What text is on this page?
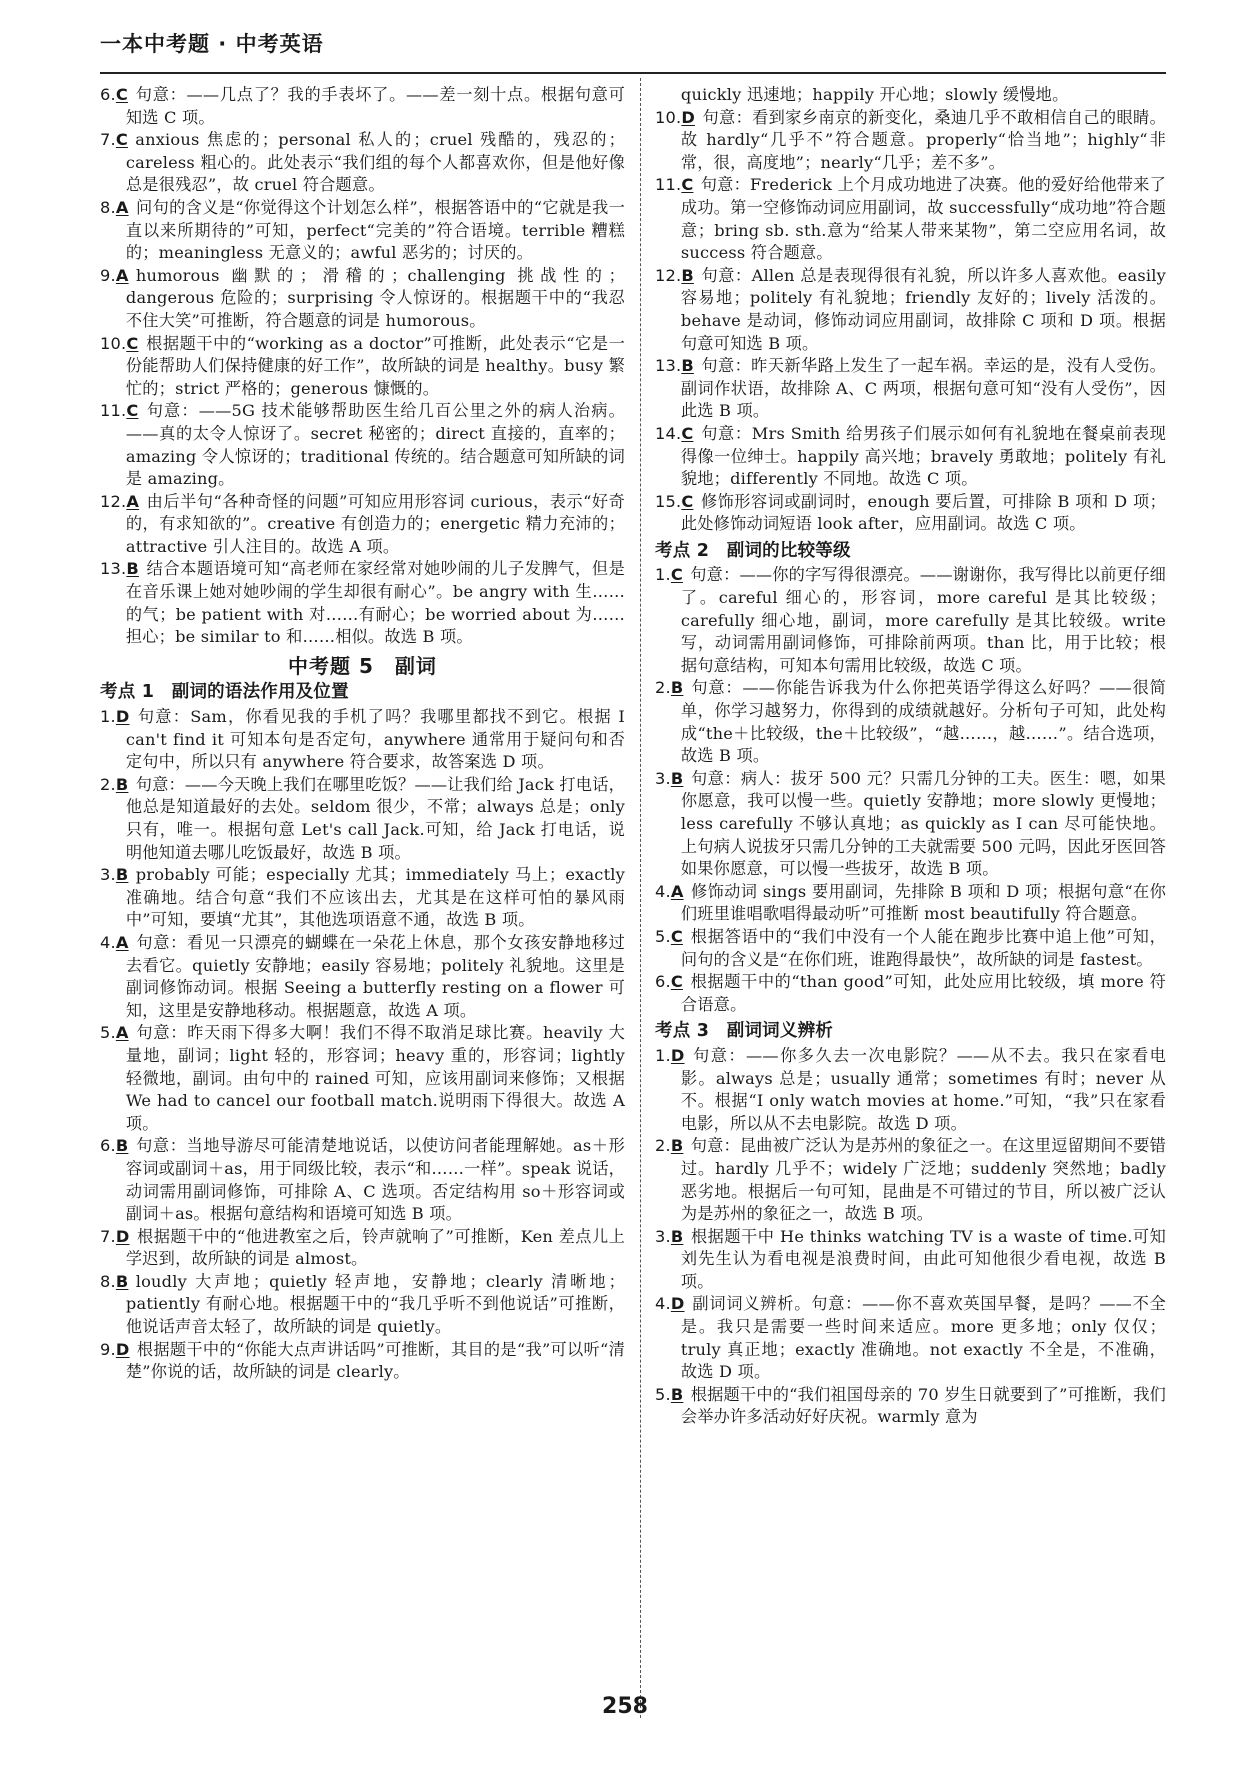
一本中考题 · 中考英语

6.C 句意：——几点了？我的手表坏了。——差一刻十点。根据句意可知选 C 项。

7.C anxious 焦虑的；personal 私人的；cruel 残酷的，残忍的；careless 粗心的。此处表示“我们组的每个人都喜欢你，但是他好像总是很残忍”，故 cruel 符合题意。

8.A 问句的含义是“你觉得这个计划怎么样”，根据答语中的“它就是我一直以来所期待的”可知，perfect“完美的”符合语境。terrible 糟糕的；meaningless 无意义的；awful 恶劣的；讨厌的。

9.A humorous 幽默的；滑稽的；challenging 挑战性的；dangerous 危险的；surprising 令人惊讶的。根据题干中的“我忍不住大笑”可推断，符合题意的词是 humorous。

10.C 根据题干中的“working as a doctor”可推断，此处表示“它是一份能帮助人们保持健康的好工作”，故所缺的词是 healthy。busy 繁忙的；strict 严格的；generous 慷慨的。

11.C 句意：——5G 技术能够帮助医生给几百公里之外的病人治病。——真的太令人惊讶了。secret 秘密的；direct 直接的，直率的；amazing 令人惊讶的；traditional 传统的。结合题意可知所缺的词是 amazing。

12.A 由后半句“各种奇怪的问题”可知应用形容词 curious，表示“好奇的，有求知欲的”。creative 有创造力的；energetic 精力充沛的；attractive 引人注目的。故选 A 项。

13.B 结合本题语境可知“高老师在家经常对她吵闹的儿子发脾气，但是在音乐课上她对她吵闹的学生却很有耐心”。be angry with 生……的气；be patient with 对……有耐心；be worried about 为……担心；be similar to 和……相似。故选 B 项。

中考题 5　副词
考点 1　副词的语法作用及位置

1.D 句意：Sam，你看见我的手机了吗？我哪里都找不到它。根据 I can't find it 可知本句是否定句，anywhere 通常用于疑问句和否定句中，所以只有 anywhere 符合要求，故答案选 D 项。

2.B 句意：——今天晚上我们在哪里吃饭？——让我们给 Jack 打电话，他总是知道最好的去处。seldom 很少，不常；always 总是；only 只有，唯一。根据句意 Let's call Jack.可知，给 Jack 打电话，说明他知道去哪儿吃饭最好，故选 B 项。

3.B probably 可能；especially 尤其；immediately 马上；exactly 准确地。结合句意“我们不应该出去，尤其是在这样可怕的暴风雨中”可知，要填“尤其”，其他选项语意不通，故选 B 项。

4.A 句意：看见一只漂亮的蝴蝶在一朵花上休息，那个女孩安静地移过去看它。quietly 安静地；easily 容易地；politely 礼貌地。这里是副词修饰动词。根据 Seeing a butterfly resting on a flower 可知，这里是安静地移动。根据题意，故选 A 项。

5.A 句意：昨天雨下得多大啊！我们不得不取消足球比赛。heavily 大量地，副词；light 轻的，形容词；heavy 重的，形容词；lightly 轻微地，副词。由句中的 rained 可知，应该用副词来修饰；又根据 We had to cancel our football match.说明雨下得很大。故选 A 项。

6.B 句意：当地导游尽可能清楚地说话，以使访问者能理解她。as＋形容词或副词＋as，用于同级比较，表示“和……一样”。speak 说话，动词需用副词修饰，可排除 A、C 选项。否定结构用 so＋形容词或副词＋as。根据句意结构和语境可知选 B 项。

7.D 根据题干中的“他进教室之后，铃声就响了”可推断，Ken 差点儿上学迟到，故所缺的词是 almost。

8.B loudly 大声地；quietly 轻声地，安静地；clearly 清晰地；patiently 有耐心地。根据题干中的“我几乎听不到他说话”可推断，他说话声音太轻了，故所缺的词是 quietly。

9.D 根据题干中的“你能大点声讲话吗”可推断，其目的是“我”可以听“清楚”你说的话，故所缺的词是 clearly。

quickly 迅速地；happily 开心地；slowly 缓慢地。

10.D 句意：看到家乡南京的新变化，桑迪几乎不敢相信自己的眼睛。故 hardly“几乎不”符合题意。properly“恰当地”；highly“非常，很，高度地”；nearly“几乎；差不多”。

11.C 句意：Frederick 上个月成功地进了决赛。他的爱好给他带来了成功。第一空修饰动词应用副词，故 successfully“成功地”符合题意；bring sb. sth.意为“给某人带来某物”，第二空应用名词，故 success 符合题意。

12.B 句意：Allen 总是表现得很有礼貌，所以许多人喜欢他。easily 容易地；politely 有礼貌地；friendly 友好的；lively 活泼的。behave 是动词，修饰动词应用副词，故排除 C 项和 D 项。根据句意可知选 B 项。

13.B 句意：昨天新华路上发生了一起车祸。幸运的是，没有人受伤。副词作状语，故排除 A、C 两项，根据句意可知“没有人受伤”，因此选 B 项。

14.C 句意：Mrs Smith 给男孩子们展示如何有礼貌地在餐桌前表现得像一位绅士。happily 高兴地；bravely 勇敢地；politely 有礼貌地；differently 不同地。故选 C 项。

15.C 修饰形容词或副词时，enough 要后置，可排除 B 项和 D 项；此处修饰动词短语 look after，应用副词。故选 C 项。

考点 2　副词的比较等级

1.C 句意：——你的字写得很漂亮。——谢谢你，我写得比以前更仔细了。careful 细心的，形容词，more careful 是其比较级；carefully 细心地，副词，more carefully 是其比较级。write 写，动词需用副词修饰，可排除前两项。than 比，用于比较；根据句意结构，可知本句需用比较级，故选 C 项。

2.B 句意：——你能告诉我为什么你把英语学得这么好吗？——很简单，你学习越努力，你得到的成绩就越好。分析句子可知，此处构成“the＋比较级，the＋比较级”，“越……，越……”。结合选项，故选 B 项。

3.B 句意：病人：拔牙 500 元？只需几分钟的工夫。医生：嗯，如果你愿意，我可以慢一些。quietly 安静地；more slowly 更慢地；less carefully 不够认真地；as quickly as I can 尽可能快地。上句病人说拔牙只需几分钟的工夫就需要 500 元吗，因此牙医回答如果你愿意，可以慢一些拔牙，故选 B 项。

4.A 修饰动词 sings 要用副词，先排除 B 项和 D 项；根据句意“在你们班里谁唱歌唱得最动听”可推断 most beautifully 符合题意。

5.C 根据答语中的“我们中没有一个人能在跑步比赛中追上他”可知，问句的含义是“在你们班，谁跑得最快”，故所缺的词是 fastest。

6.C 根据题干中的“than good”可知，此处应用比较级，填 more 符合语意。

考点 3　副词词义辨析

1.D 句意：——你多久去一次电影院？——从不去。我只在家看电影。always 总是；usually 通常；sometimes 有时；never 从不。根据“I only watch movies at home.”可知，“我”只在家看电影，所以从不去电影院。故选 D 项。

2.B 句意：昆曲被广泛认为是苏州的象征之一。在这里逗留期间不要错过。hardly 几乎不；widely 广泛地；suddenly 突然地；badly 恶劣地。根据后一句可知，昆曲是不可错过的节目，所以被广泛认为是苏州的象征之一，故选 B 项。

3.B 根据题干中 He thinks watching TV is a waste of time.可知刘先生认为看电视是浪费时间，由此可知他很少看电视，故选 B 项。

4.D 副词词义辨析。句意：——你不喜欢英国早餐，是吗？——不全是。我只是需要一些时间来适应。more 更多地；only 仅仅；truly 真正地；exactly 准确地。not exactly 不全是，不准确，故选 D 项。

5.B 根据题干中的“我们祖国母亲的 70 岁生日就要到了”可推断，我们会举办许多活动好好庆祝。warmly 意为

258
